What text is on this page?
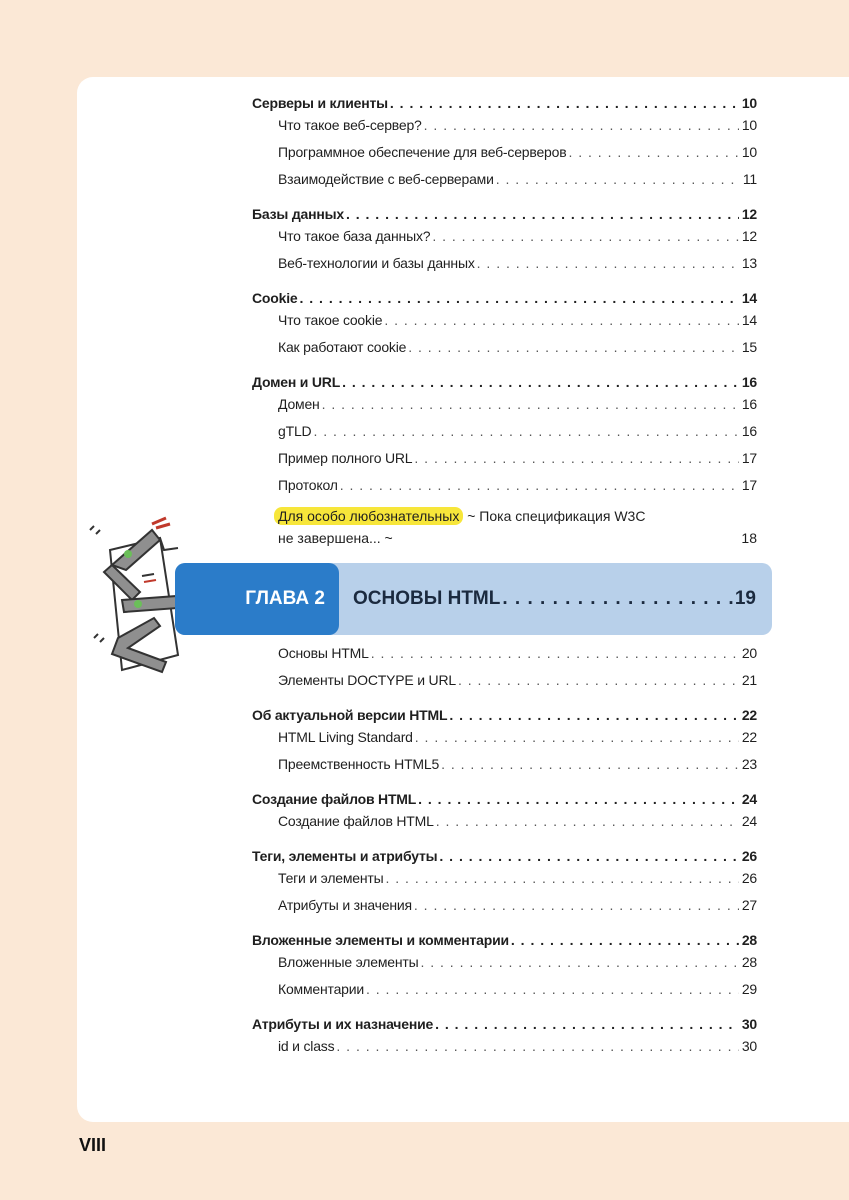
Серверы и клиенты . . .	10
Что такое веб-сервер? . . .	10
Программное обеспечение для веб-серверов . . .	10
Взаимодействие с веб-серверами . . .	11
Базы данных . . .	12
Что такое база данных? . . .	12
Веб-технологии и базы данных . . .	13
Cookie . . .	14
Что такое cookie . . .	14
Как работают cookie . . .	15
Домен и URL . . .	16
Домен . . .	16
gTLD . . .	16
Пример полного URL . . .	17
Протокол . . .	17
Для особо любознательных ~ Пока спецификация W3C
не завершена... ~	18
ГЛАВА 2	ОСНОВЫ HTML . . .	19
Основы HTML . . .	20
Элементы DOCTYPE и URL . . .	21
Об актуальной версии HTML . . .	22
HTML Living Standard . . .	22
Преемственность HTML5 . . .	23
Создание файлов HTML . . .	24
Создание файлов HTML . . .	24
Теги, элементы и атрибуты . . .	26
Теги и элементы . . .	26
Атрибуты и значения . . .	27
Вложенные элементы и комментарии . . .	28
Вложенные элементы . . .	28
Комментарии . . .	29
Атрибуты и их назначение . . .	30
id и class . . .	30
VIII
